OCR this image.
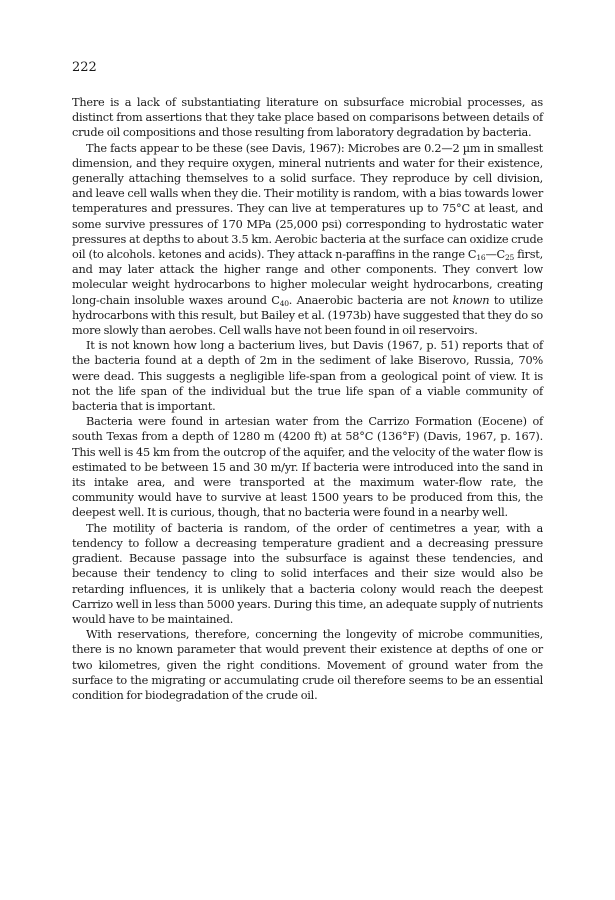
222

There is a lack of substantiating literature on subsurface microbial processes, as distinct from assertions that they take place based on comparisons between details of crude oil compositions and those resulting from laboratory degradation by bacteria.

The facts appear to be these (see Davis, 1967): Microbes are 0.2—2 µm in smallest dimension, and they require oxygen, mineral nutrients and water for their existence, generally attaching themselves to a solid surface. They reproduce by cell division, and leave cell walls when they die. Their motility is random, with a bias towards lower temperatures and pressures. They can live at temperatures up to 75°C at least, and some survive pressures of 170 MPa (25,000 psi) corresponding to hydrostatic water pressures at depths to about 3.5 km. Aerobic bacteria at the surface can oxidize crude oil (to alcohols. ketones and acids). They attack n-paraffins in the range $C_{16}—C_{25}$ first, and may later attack the higher range and other components. They convert low molecular weight hydrocarbons to higher molecular weight hydrocarbons, creating long-chain insoluble waxes around $C_{40}$. Anaerobic bacteria are not known to utilize hydrocarbons with this result, but Bailey et al. (1973b) have suggested that they do so more slowly than aerobes. Cell walls have not been found in oil reservoirs.

It is not known how long a bacterium lives, but Davis (1967, p. 51) reports that of the bacteria found at a depth of 2m in the sediment of lake Biserovo, Russia, 70% were dead. This suggests a negligible life-span from a geological point of view. It is not the life span of the individual but the true life span of a viable community of bacteria that is important.

Bacteria were found in artesian water from the Carrizo Formation (Eocene) of south Texas from a depth of 1280 m (4200 ft) at 58°C (136°F) (Davis, 1967, p. 167). This well is 45 km from the outcrop of the aquifer, and the velocity of the water flow is estimated to be between 15 and 30 m/yr. If bacteria were introduced into the sand in its intake area, and were transported at the maximum water-flow rate, the community would have to survive at least 1500 years to be produced from this, the deepest well. It is curious, though, that no bacteria were found in a nearby well.

The motility of bacteria is random, of the order of centimetres a year, with a tendency to follow a decreasing temperature gradient and a decreasing pressure gradient. Because passage into the subsurface is against these tendencies, and because their tendency to cling to solid interfaces and their size would also be retarding influences, it is unlikely that a bacteria colony would reach the deepest Carrizo well in less than 5000 years. During this time, an adequate supply of nutrients would have to be maintained.

With reservations, therefore, concerning the longevity of microbe communities, there is no known parameter that would prevent their existence at depths of one or two kilometres, given the right conditions. Movement of ground water from the surface to the migrating or accumulating crude oil therefore seems to be an essential condition for biodegradation of the crude oil.
